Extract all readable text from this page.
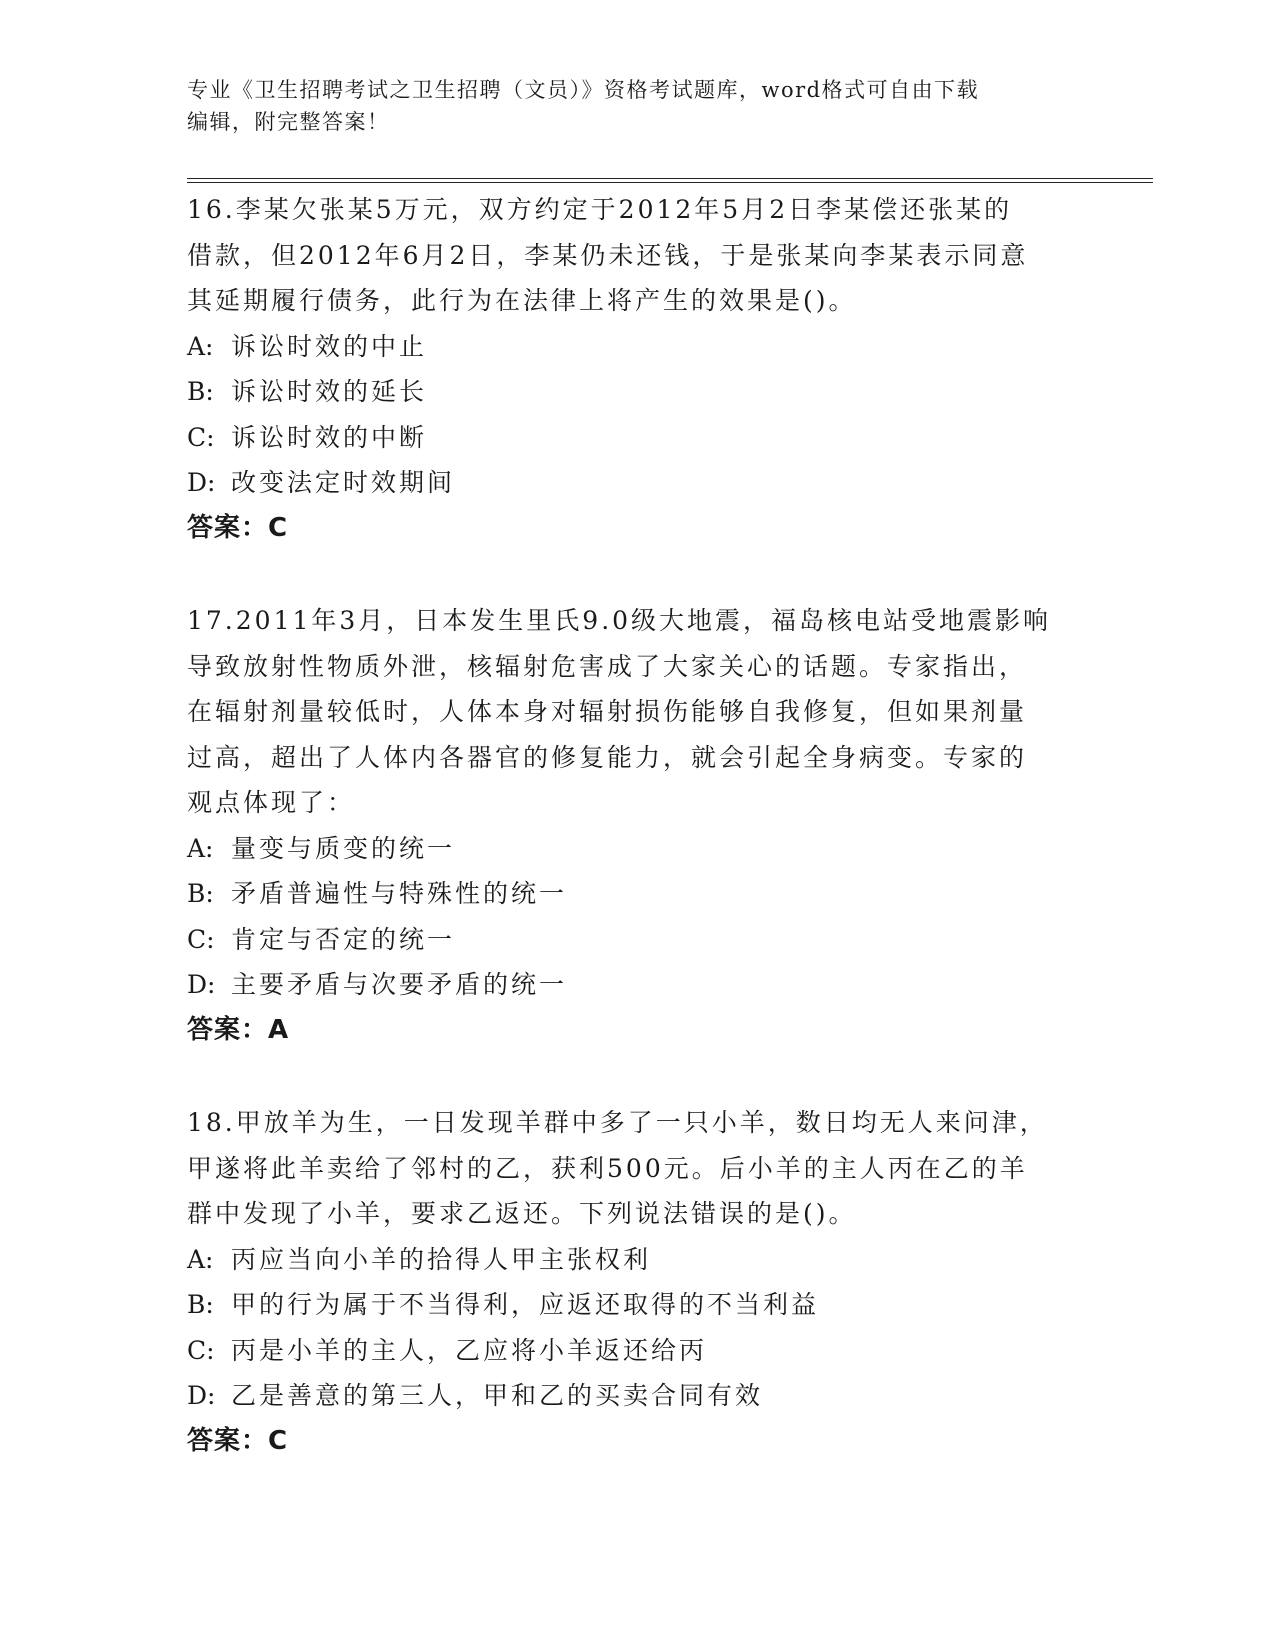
专业《卫生招聘考试之卫生招聘（文员）》资格考试题库，word格式可自由下载
编辑，附完整答案！
16.李某欠张某5万元，双方约定于2012年5月2日李某偿还张某的
借款，但2012年6月2日，李某仍未还钱，于是张某向李某表示同意
其延期履行债务，此行为在法律上将产生的效果是()。
A: 诉讼时效的中止
B: 诉讼时效的延长
C: 诉讼时效的中断
D: 改变法定时效期间
答案：C
17.2011年3月，日本发生里氏9.0级大地震，福岛核电站受地震影响
导致放射性物质外泄，核辐射危害成了大家关心的话题。专家指出，
在辐射剂量较低时，人体本身对辐射损伤能够自我修复，但如果剂量
过高，超出了人体内各器官的修复能力，就会引起全身病变。专家的
观点体现了：
A: 量变与质变的统一
B: 矛盾普遍性与特殊性的统一
C: 肯定与否定的统一
D: 主要矛盾与次要矛盾的统一
答案：A
18.甲放羊为生，一日发现羊群中多了一只小羊，数日均无人来问津，
甲遂将此羊卖给了邻村的乙，获利500元。后小羊的主人丙在乙的羊
群中发现了小羊，要求乙返还。下列说法错误的是()。
A: 丙应当向小羊的拾得人甲主张权利
B: 甲的行为属于不当得利，应返还取得的不当利益
C: 丙是小羊的主人，乙应将小羊返还给丙
D: 乙是善意的第三人，甲和乙的买卖合同有效
答案：C
